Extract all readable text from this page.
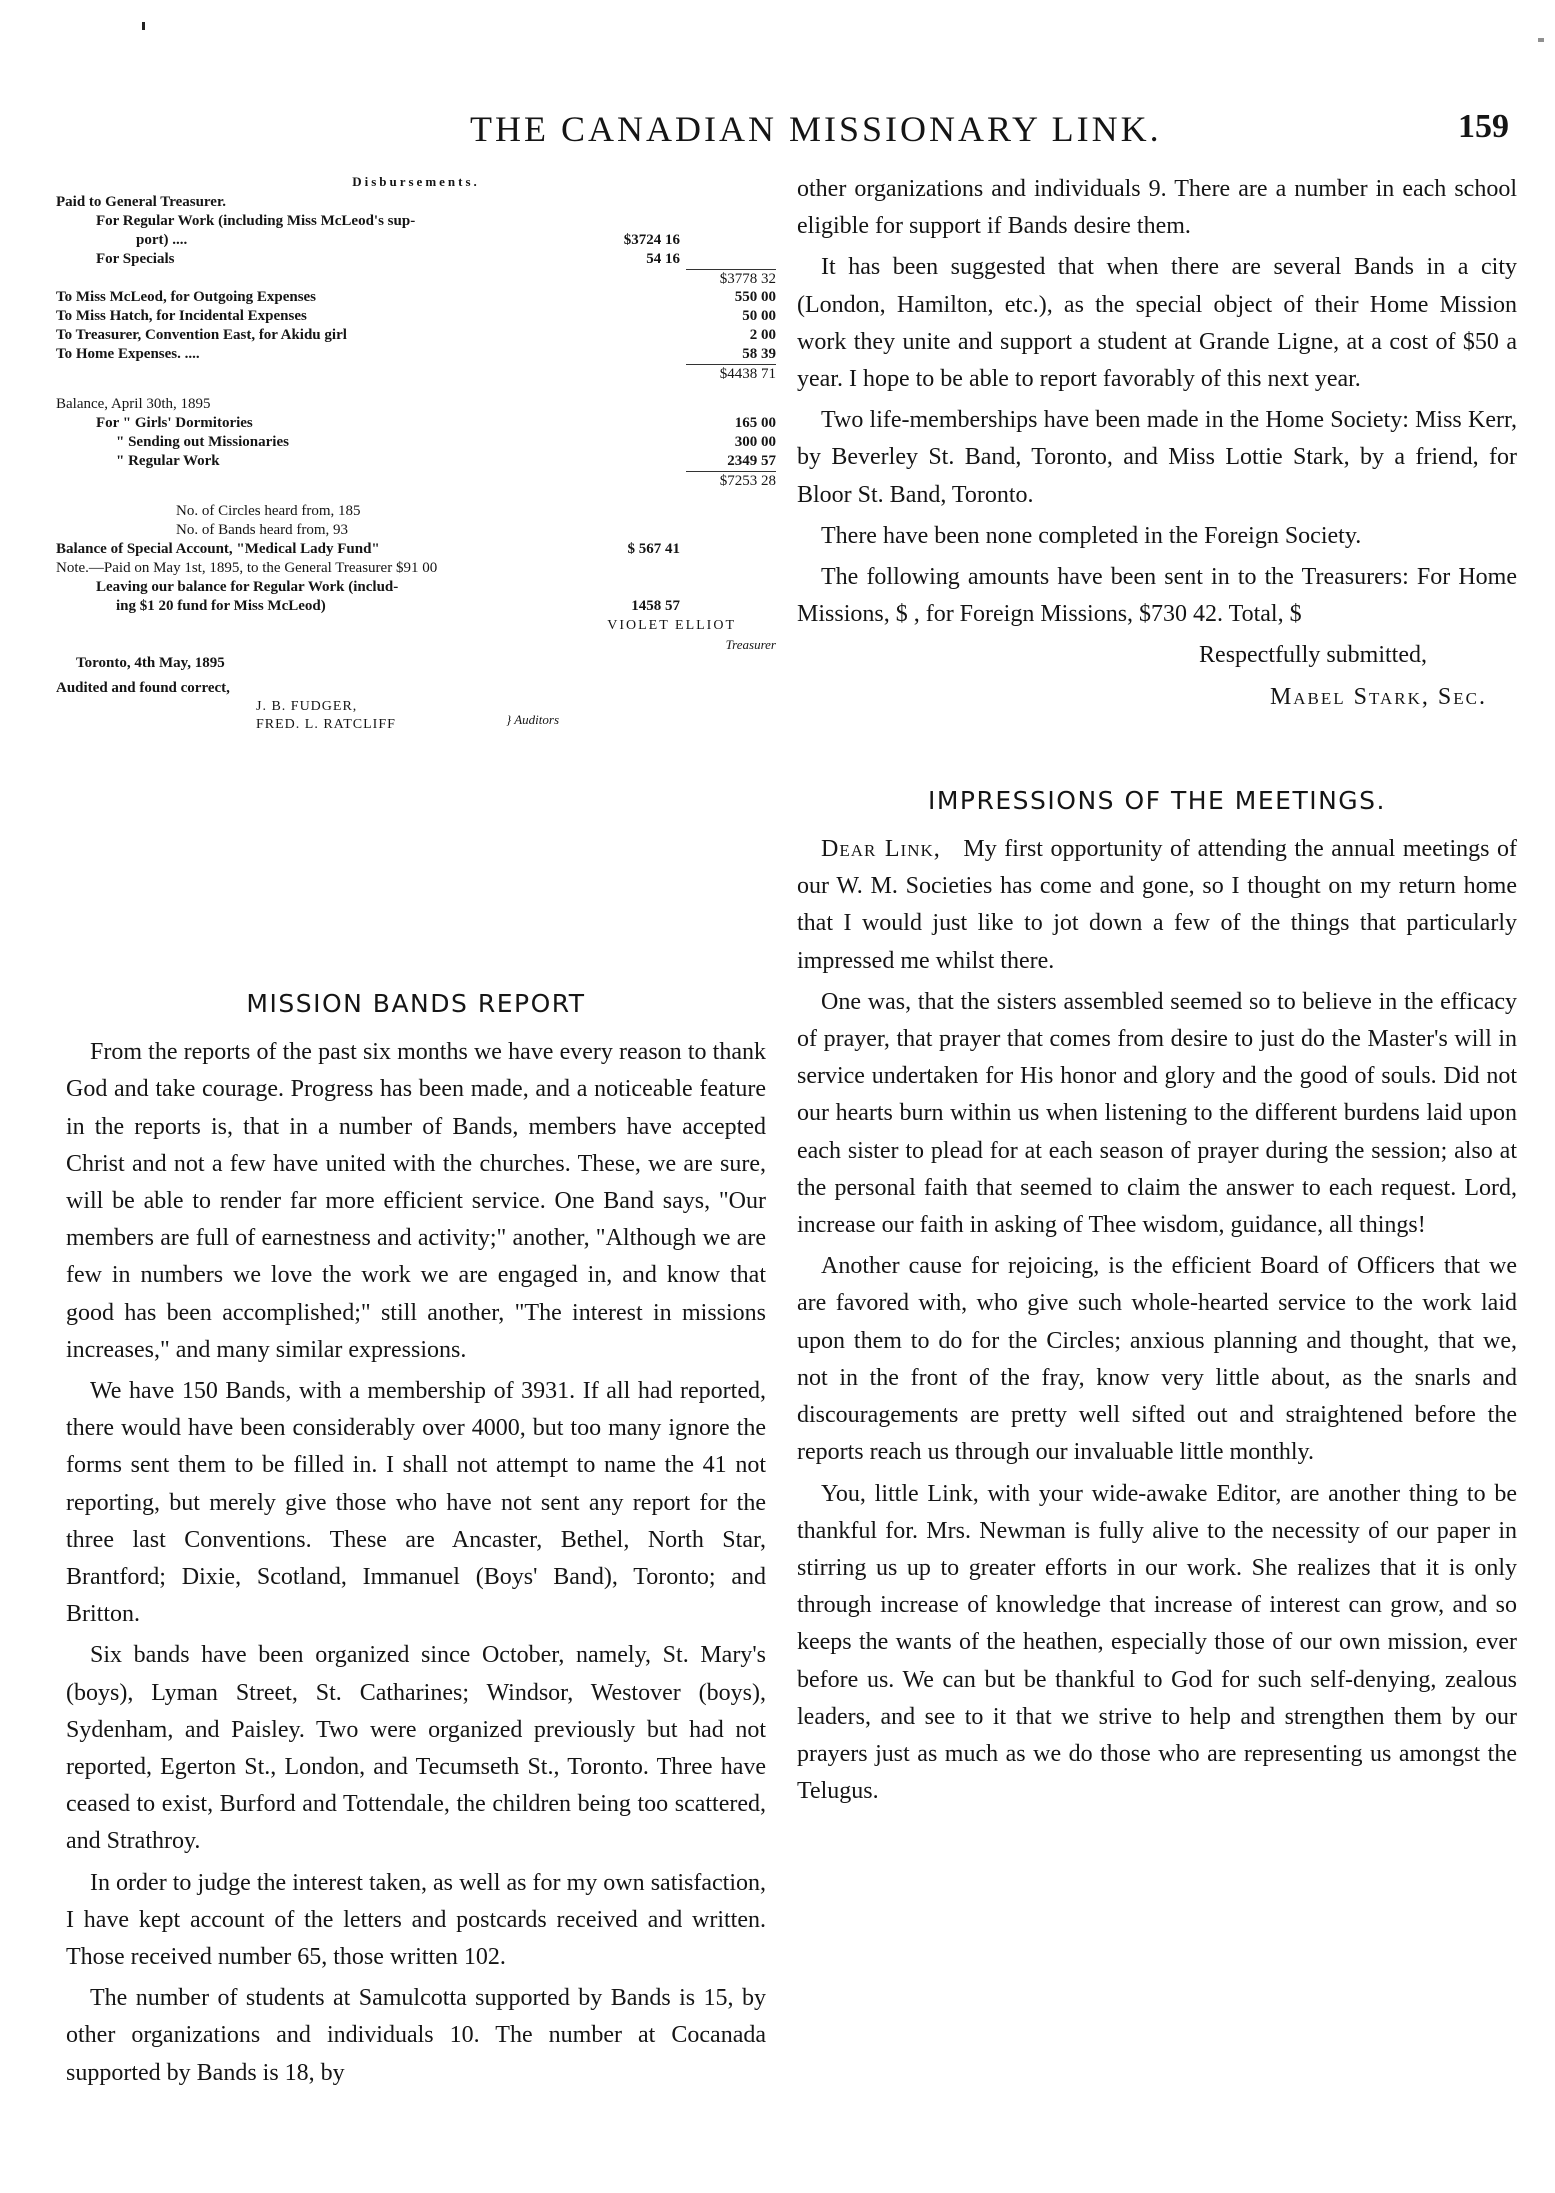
THE CANADIAN MISSIONARY LINK.	159
Disbursements.
Paid to General Treasurer.
For Regular Work (including Miss McLeod's sup-
port) ....	$3724 16
For Specials	54 16
$3778 32
To Miss McLeod, for Outgoing Expenses	550 00
To Miss Hatch, for Incidental Expenses	50 00
To Treasurer, Convention East, for Akidu girl	2 00
To Home Expenses. ....	58 39
$4438 71
Balance, April 30th, 1895
For " Girls' Dormitories	165 00
" Sending out Missionaries	300 00
" Regular Work	2349 57
$7253 28
No. of Circles heard from, 185
No. of Bands heard from, 93
Balance of Special Account, "Medical Lady Fund"	$ 567 41
Note.—Paid on May 1st, 1895, to the General Treasurer $91 00
Leaving our balance for Regular Work (includ-
ing $1 20 fund for Miss McLeod)	1458 57
VIOLET ELLIOT
Treasurer
Toronto, 4th May, 1895
Audited and found correct,
J. B. FUDGER,
FRED. L. RATCLIFF	} Auditors
MISSION BANDS REPORT

From the reports of the past six months we have every reason to thank God and take courage. Progress has been made, and a noticeable feature in the reports is, that in a number of Bands, members have accepted Christ and not a few have united with the churches. These, we are sure, will be able to render far more efficient service. One Band says, "Our members are full of earnestness and activity;" another, "Although we are few in numbers we love the work we are engaged in, and know that good has been accomplished;" still another, "The interest in missions increases," and many similar expressions.

We have 150 Bands, with a membership of 3931. If all had reported, there would have been considerably over 4000, but too many ignore the forms sent them to be filled in. I shall not attempt to name the 41 not reporting, but merely give those who have not sent any report for the three last Conventions. These are Ancaster, Bethel, North Star, Brantford; Dixie, Scotland, Immanuel (Boys' Band), Toronto; and Britton.

Six bands have been organized since October, namely, St. Mary's (boys), Lyman Street, St. Catharines; Windsor, Westover (boys), Sydenham, and Paisley. Two were organized previously but had not reported, Egerton St., London, and Tecumseth St., Toronto. Three have ceased to exist, Burford and Tottendale, the children being too scattered, and Strathroy.

In order to judge the interest taken, as well as for my own satisfaction, I have kept account of the letters and postcards received and written. Those received number 65, those written 102.

The number of students at Samulcotta supported by Bands is 15, by other organizations and individuals 10. The number at Cocanada supported by Bands is 18, by

other organizations and individuals 9. There are a number in each school eligible for support if Bands desire them.

It has been suggested that when there are several Bands in a city (London, Hamilton, etc.), as the special object of their Home Mission work they unite and support a student at Grande Ligne, at a cost of $50 a year. I hope to be able to report favorably of this next year.

Two life-memberships have been made in the Home Society: Miss Kerr, by Beverley St. Band, Toronto, and Miss Lottie Stark, by a friend, for Bloor St. Band, Toronto.

There have been none completed in the Foreign Society.

The following amounts have been sent in to the Treasurers: For Home Missions, $ , for Foreign Missions, $730 42. Total, $

Respectfully submitted,

Mabel Stark, Sec.

IMPRESSIONS OF THE MEETINGS.

Dear Link, My first opportunity of attending the annual meetings of our W. M. Societies has come and gone, so I thought on my return home that I would just like to jot down a few of the things that particularly impressed me whilst there.

One was, that the sisters assembled seemed so to believe in the efficacy of prayer, that prayer that comes from desire to just do the Master's will in service undertaken for His honor and glory and the good of souls. Did not our hearts burn within us when listening to the different burdens laid upon each sister to plead for at each season of prayer during the session; also at the personal faith that seemed to claim the answer to each request. Lord, increase our faith in asking of Thee wisdom, guidance, all things!

Another cause for rejoicing, is the efficient Board of Officers that we are favored with, who give such whole-hearted service to the work laid upon them to do for the Circles; anxious planning and thought, that we, not in the front of the fray, know very little about, as the snarls and discouragements are pretty well sifted out and straightened before the reports reach us through our invaluable little monthly.

You, little Link, with your wide-awake Editor, are another thing to be thankful for. Mrs. Newman is fully alive to the necessity of our paper in stirring us up to greater efforts in our work. She realizes that it is only through increase of knowledge that increase of interest can grow, and so keeps the wants of the heathen, especially those of our own mission, ever before us. We can but be thankful to God for such self-denying, zealous leaders, and see to it that we strive to help and strengthen them by our prayers just as much as we do those who are representing us amongst the Telugus.
